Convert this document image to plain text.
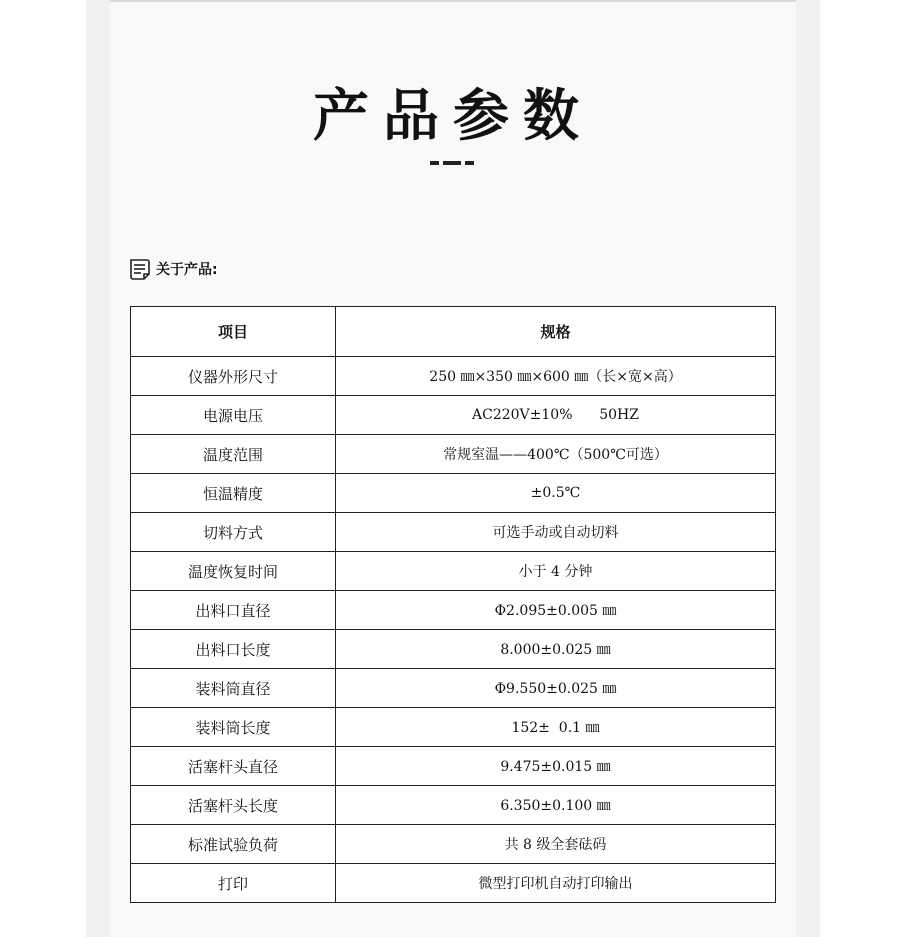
产品参数
关于产品:
项目	规格
仪器外形尺寸	250 ㎜×350 ㎜×600 ㎜（长×宽×高）
电源电压	AC220V±10%      50HZ
温度范围	常规室温——400℃（500℃可选）
恒温精度	±0.5℃
切料方式	可选手动或自动切料
温度恢复时间	小于 4 分钟
出料口直径	Φ2.095±0.005 ㎜
出料口长度	8.000±0.025 ㎜
装料筒直径	Φ9.550±0.025 ㎜
装料筒长度	152±  0.1 ㎜
活塞杆头直径	9.475±0.015 ㎜
活塞杆头长度	6.350±0.100 ㎜
标准试验负荷	共 8 级全套砝码
打印	微型打印机自动打印输出
